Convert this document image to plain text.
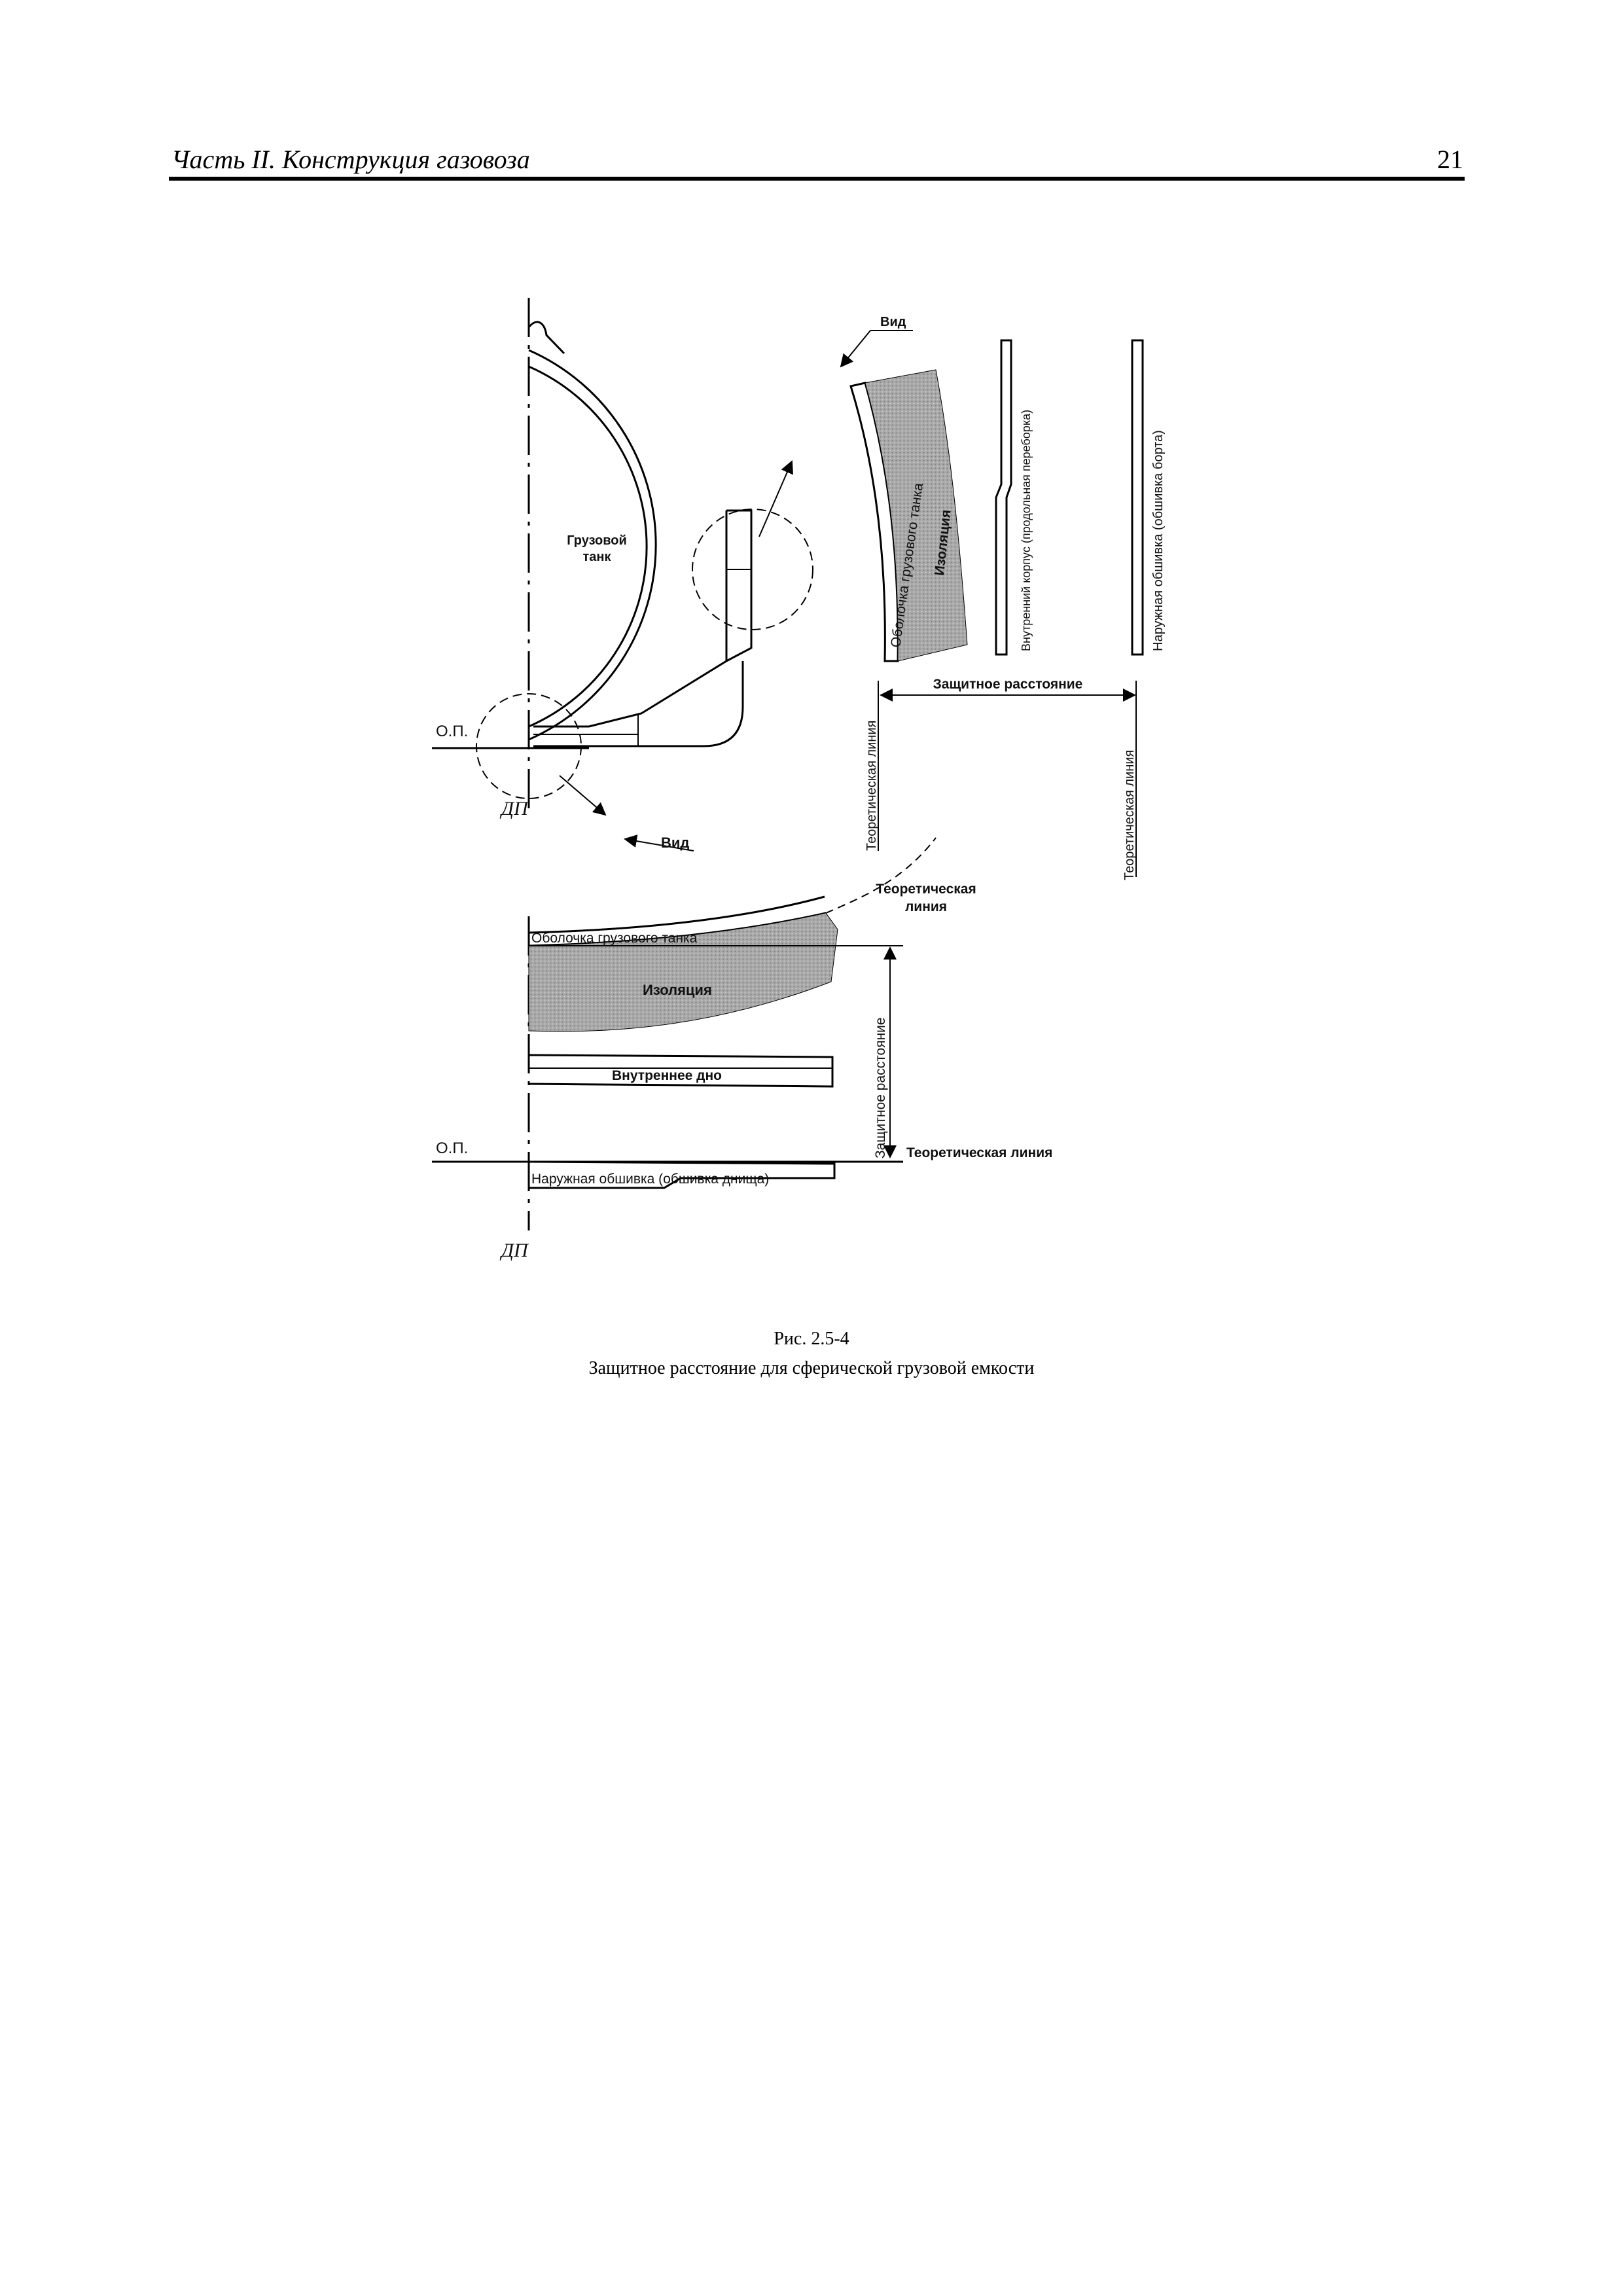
Часть II. Конструкция газовоза	21
Грузовой
танк
О.П.
ДП
Вид
Вид
Оболочка грузового танка Изоляция	Внутренний корпус (продольная переборка)	Наружная обшивка (обшивка борта)
Защитное расстояние
Теоретическая линия	Теоретическая линия
Теоретическая
линия
Оболочка грузового танка
Изоляция
Внутреннее дно	Защитное расстояние
О.П.	Теоретическая линия
Наружная обшивка (обшивка днища)
ДП
Рис. 2.5-4
Защитное расстояние для сферической грузовой емкости
